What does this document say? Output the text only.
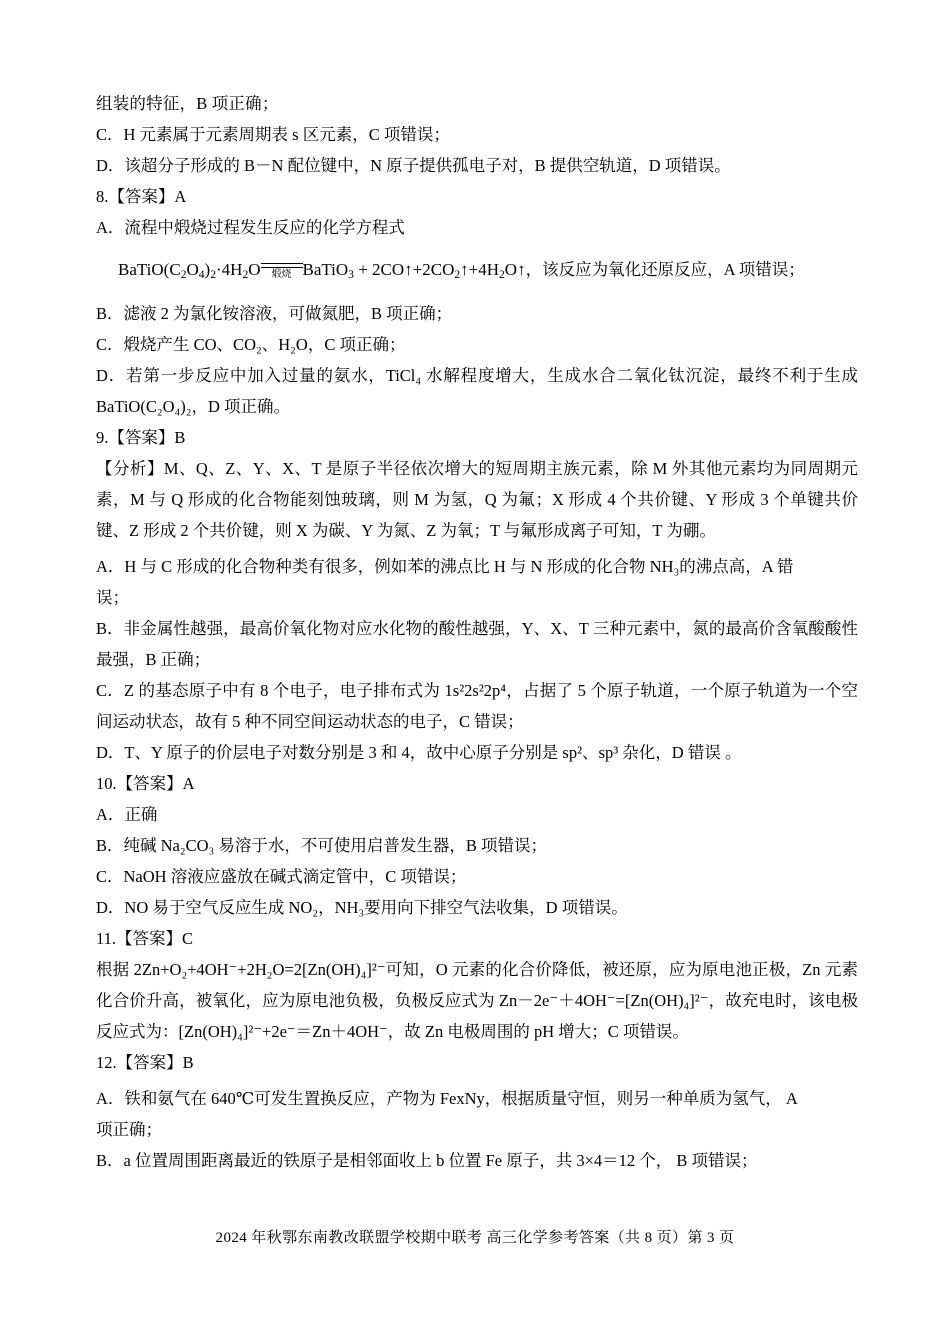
组装的特征，B 项正确；

C．H 元素属于元素周期表 s 区元素，C 项错误；

D．该超分子形成的 B－N 配位键中，N 原子提供孤电子对，B 提供空轨道，D 项错误。

8.【答案】A

A．流程中煅烧过程发生反应的化学方程式

$BaTiO(C_2O_4)_2\cdot 4H_2O$	煅烧 BaTiO$_3$ + $2CO↑+2CO_2↑+4H_2O↑$，该反应为氧化还原反应，A 项错误；

B．滤液 2 为氯化铵溶液，可做氮肥，B 项正确；

C．煅烧产生 CO、CO₂、H₂O，C 项正确；

D．若第一步反应中加入过量的氨水，TiCl₄ 水解程度增大，生成水合二氧化钛沉淀，最终不利于生成 BaTiO(C₂O₄)₂，D 项正确。

9.【答案】B

【分析】M、Q、Z、Y、X、T 是原子半径依次增大的短周期主族元素，除 M 外其他元素均为同周期元素，M 与 Q 形成的化合物能刻蚀玻璃，则 M 为氢，Q 为氟；X 形成 4 个共价键、Y 形成 3 个单键共价键、Z 形成 2 个共价键，则 X 为碳、Y 为氮、Z 为氧；T 与氟形成离子可知，T 为硼。

A．H 与 C 形成的化合物种类有很多，例如苯的沸点比 H 与 N 形成的化合物 NH₃的沸点高，A 错

误；

B．非金属性越强，最高价氧化物对应水化物的酸性越强，Y、X、T 三种元素中，氮的最高价含氧酸酸性最强，B 正确；

C．Z 的基态原子中有 8 个电子，电子排布式为 1s²2s²2p⁴，占据了 5 个原子轨道，一个原子轨道为一个空间运动状态，故有 5 种不同空间运动状态的电子，C 错误；

D．T、Y 原子的价层电子对数分别是 3 和 4，故中心原子分别是 sp²、sp³ 杂化，D 错误 。

10.【答案】A

A．正确

B．纯碱 Na₂CO₃ 易溶于水，不可使用启普发生器，B 项错误；

C．NaOH 溶液应盛放在碱式滴定管中，C 项错误；

D．NO 易于空气反应生成 NO₂，NH₃要用向下排空气法收集，D 项错误。

11.【答案】C

根据 2Zn+O₂+4OH⁻+2H₂O=2[Zn(OH)₄]²⁻可知，O 元素的化合价降低，被还原，应为原电池正极，Zn 元素化合价升高，被氧化，应为原电池负极，负极反应式为 Zn－2e⁻＋4OH⁻=[Zn(OH)₄]²⁻，故充电时，该电极反应式为：[Zn(OH)₄]²⁻+2e⁻＝Zn＋4OH⁻，故 Zn 电极周围的 pH 增大；C 项错误。

12.【答案】B

A．铁和氨气在 640℃可发生置换反应，产物为 FexNy，根据质量守恒，则另一种单质为氢气， A

项正确；

B．a 位置周围距离最近的铁原子是相邻面收上 b 位置 Fe 原子，共 3×4＝12 个， B 项错误；

2024 年秋鄂东南教改联盟学校期中联考 高三化学参考答案（共 8 页）第 3 页
